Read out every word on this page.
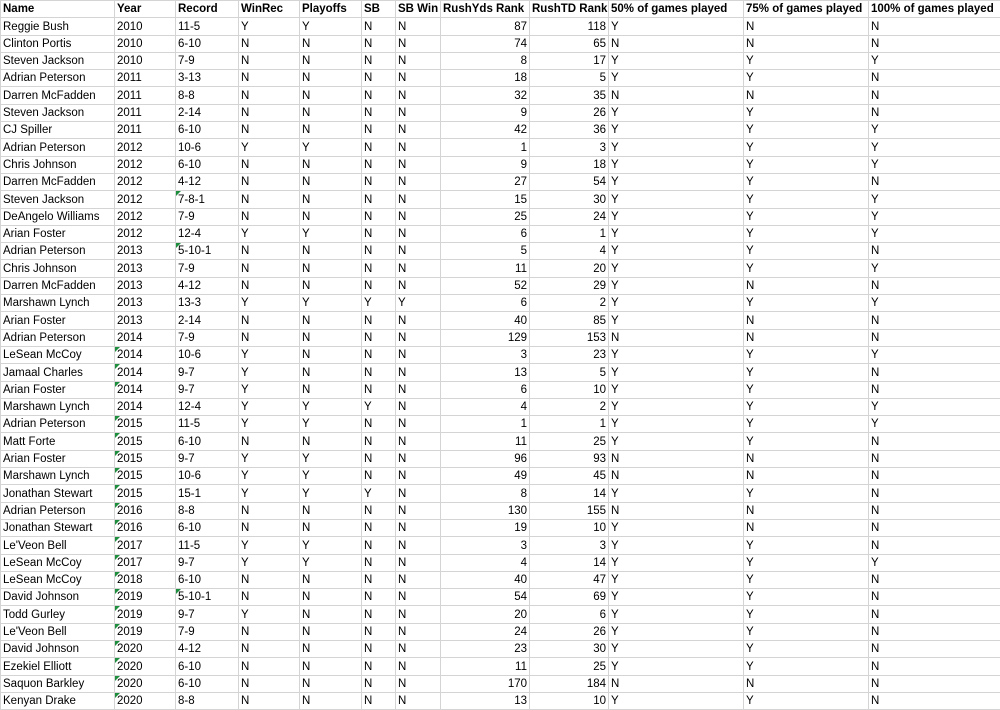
Name	Year	Record	WinRec	Playoffs	SB	SB Win	RushYds Rank	RushTD Rank	50% of games played	75% of games played	100% of games played
Reggie Bush	2010	11-5	Y	Y	N	N	87	118	Y	N	N
Clinton Portis	2010	6-10	N	N	N	N	74	65	N	N	N
Steven Jackson	2010	7-9	N	N	N	N	8	17	Y	Y	Y
Adrian Peterson	2011	3-13	N	N	N	N	18	5	Y	Y	N
Darren McFadden	2011	8-8	N	N	N	N	32	35	N	N	N
Steven Jackson	2011	2-14	N	N	N	N	9	26	Y	Y	N
CJ Spiller	2011	6-10	N	N	N	N	42	36	Y	Y	Y
Adrian Peterson	2012	10-6	Y	Y	N	N	1	3	Y	Y	Y
Chris Johnson	2012	6-10	N	N	N	N	9	18	Y	Y	Y
Darren McFadden	2012	4-12	N	N	N	N	27	54	Y	Y	N
Steven Jackson	2012	7-8-1	N	N	N	N	15	30	Y	Y	Y
DeAngelo Williams	2012	7-9	N	N	N	N	25	24	Y	Y	Y
Arian Foster	2012	12-4	Y	Y	N	N	6	1	Y	Y	Y
Adrian Peterson	2013	5-10-1	N	N	N	N	5	4	Y	Y	N
Chris Johnson	2013	7-9	N	N	N	N	11	20	Y	Y	Y
Darren McFadden	2013	4-12	N	N	N	N	52	29	Y	N	N
Marshawn Lynch	2013	13-3	Y	Y	Y	Y	6	2	Y	Y	Y
Arian Foster	2013	2-14	N	N	N	N	40	85	Y	N	N
Adrian Peterson	2014	7-9	N	N	N	N	129	153	N	N	N
LeSean McCoy	2014	10-6	Y	N	N	N	3	23	Y	Y	Y
Jamaal Charles	2014	9-7	Y	N	N	N	13	5	Y	Y	N
Arian Foster	2014	9-7	Y	N	N	N	6	10	Y	Y	N
Marshawn Lynch	2014	12-4	Y	Y	Y	N	4	2	Y	Y	Y
Adrian Peterson	2015	11-5	Y	Y	N	N	1	1	Y	Y	Y
Matt Forte	2015	6-10	N	N	N	N	11	25	Y	Y	N
Arian Foster	2015	9-7	Y	Y	N	N	96	93	N	N	N
Marshawn Lynch	2015	10-6	Y	Y	N	N	49	45	N	N	N
Jonathan Stewart	2015	15-1	Y	Y	Y	N	8	14	Y	Y	N
Adrian Peterson	2016	8-8	N	N	N	N	130	155	N	N	N
Jonathan Stewart	2016	6-10	N	N	N	N	19	10	Y	N	N
Le'Veon Bell	2017	11-5	Y	Y	N	N	3	3	Y	Y	N
LeSean McCoy	2017	9-7	Y	Y	N	N	4	14	Y	Y	Y
LeSean McCoy	2018	6-10	N	N	N	N	40	47	Y	Y	N
David Johnson	2019	5-10-1	N	N	N	N	54	69	Y	Y	N
Todd Gurley	2019	9-7	Y	N	N	N	20	6	Y	Y	N
Le'Veon Bell	2019	7-9	N	N	N	N	24	26	Y	Y	N
David Johnson	2020	4-12	N	N	N	N	23	30	Y	Y	N
Ezekiel Elliott	2020	6-10	N	N	N	N	11	25	Y	Y	N
Saquon Barkley	2020	6-10	N	N	N	N	170	184	N	N	N
Kenyan Drake	2020	8-8	N	N	N	N	13	10	Y	Y	N
